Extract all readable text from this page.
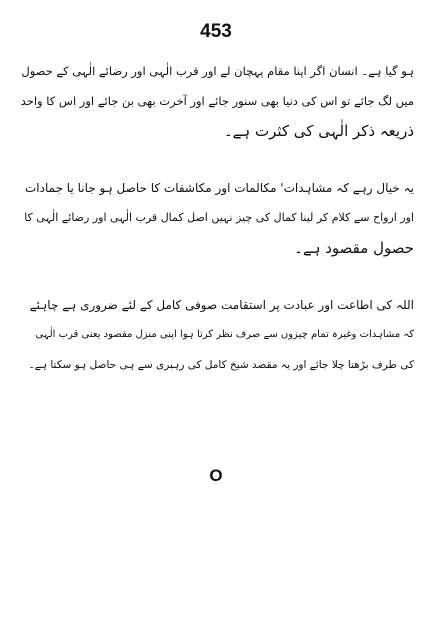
453
ہو گیا ہے۔ انسان اگر اپنا مقام پہچان لے اور قرب الٰہی اور رضائے الٰہی کے حصول
میں لگ جائے تو اس کی دنیا بھی سنور جائے اور آخرت بھی بن جائے اور اس کا واحد
ذریعہ ذکر الٰہی کی کثرت ہے۔
یہ خیال رہے کہ مشاہدات' مکالمات اور مکاشفات کا حاصل ہو جانا یا جمادات
اور ارواح سے کلام کر لینا کمال کی چیز نہیں اصل کمال قرب الٰہی اور رضائے الٰہی کا
حصول مقصود ہے۔
اللہ کی اطاعت اور عبادت پر استقامت صوفی کامل کے لئے ضروری ہے چاہئے
کہ مشاہدات وغیرہ تمام چیزوں سے صرف نظر کرتا ہوا اپنی منزل مقصود یعنی قرب الٰہی
کی طرف بڑھتا چلا جائے اور یہ مقصد شیخ کامل کی رہبری سے ہی حاصل ہو سکتا ہے۔
O
